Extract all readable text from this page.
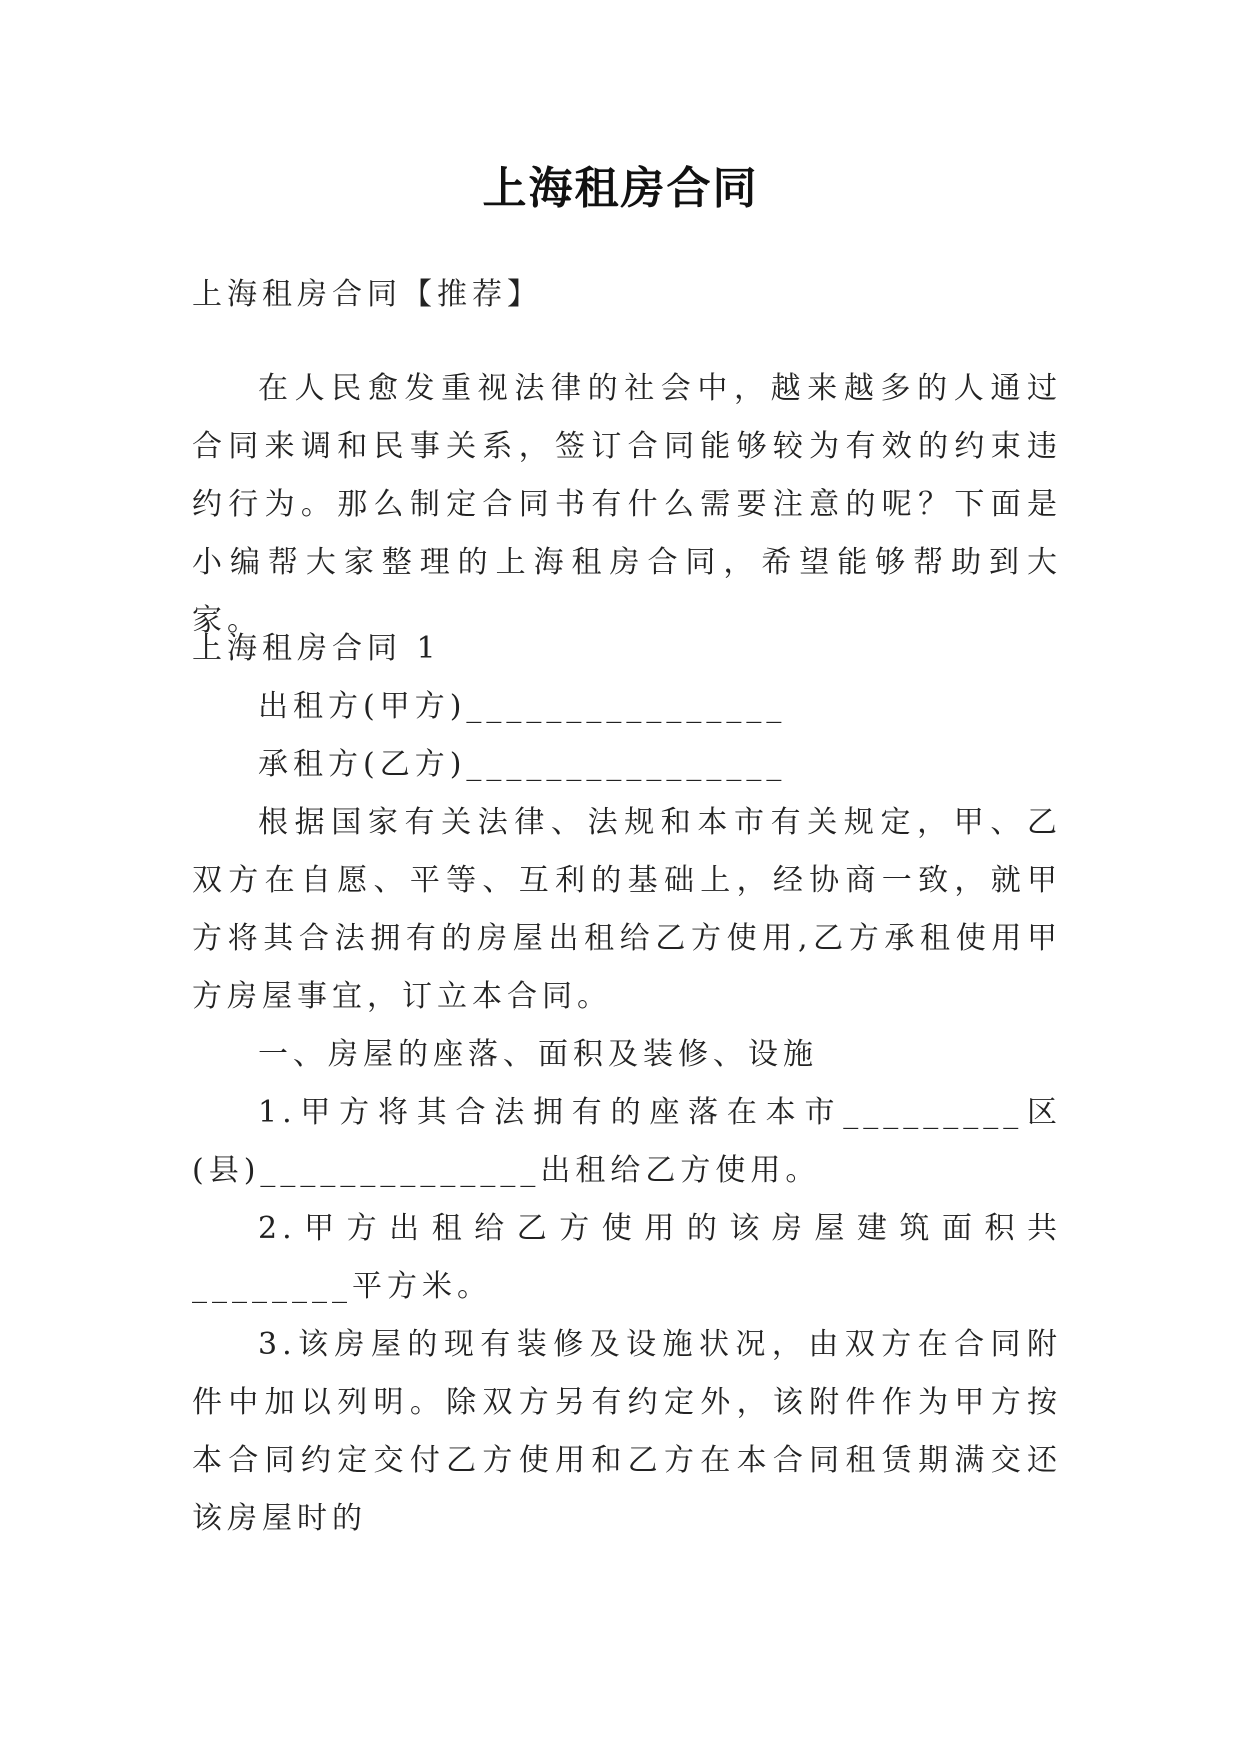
上海租房合同

上海租房合同【推荐】

在人民愈发重视法律的社会中，越来越多的人通过合同来调和民事关系，签订合同能够较为有效的约束违约行为。那么制定合同书有什么需要注意的呢？下面是小编帮大家整理的上海租房合同，希望能够帮助到大家。

上海租房合同 1

出租方(甲方)________________

承租方(乙方)________________

根据国家有关法律、法规和本市有关规定，甲、乙双方在自愿、平等、互利的基础上，经协商一致，就甲方将其合法拥有的房屋出租给乙方使用,乙方承租使用甲方房屋事宜，订立本合同。

一、房屋的座落、面积及装修、设施

1.甲方将其合法拥有的座落在本市_________区(县)______________出租给乙方使用。

2.甲方出租给乙方使用的该房屋建筑面积共________平方米。

3.该房屋的现有装修及设施状况，由双方在合同附件中加以列明。除双方另有约定外，该附件作为甲方按本合同约定交付乙方使用和乙方在本合同租赁期满交还该房屋时的
